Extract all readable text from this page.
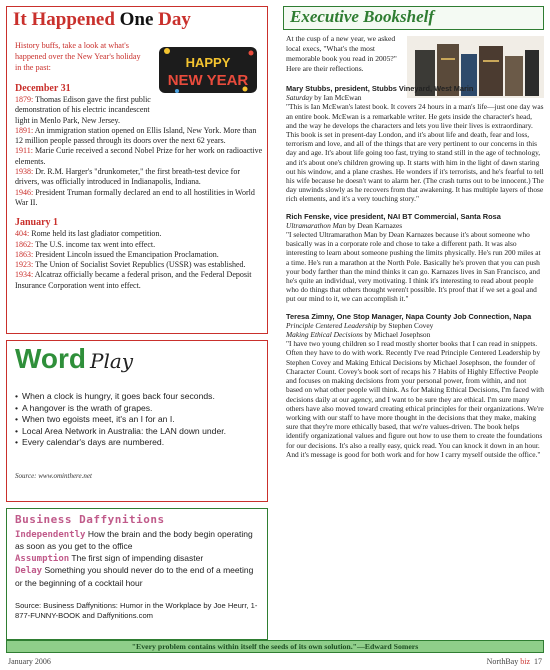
It Happened One Day
History buffs, take a look at what's happened over the New Year's holiday in the past:	HAPPY
NEW YEAR
December 31

1879: Thomas Edison gave the first public demonstration of his electric incandescent light in Menlo Park, New Jersey.

1891: An immigration station opened on Ellis Island, New York. More than 12 million people passed through its doors over the next 62 years.

1911: Marie Curie received a second Nobel Prize for her work on radioactive elements.

1938: Dr. R.M. Harger's "drunkometer," the first breath-test device for drivers, was officially introduced in Indianapolis, Indiana.

1946: President Truman formally declared an end to all hostilities in World War II.

January 1

404: Rome held its last gladiator competition.

1862: The U.S. income tax went into effect.

1863: President Lincoln issued the Emancipation Proclamation.

1923: The Union of Socialist Soviet Republics (USSR) was established.

1934: Alcatraz officially became a federal prison, and the Federal Deposit Insurance Corporation went into effect.

Word Play
• When a clock is hungry, it goes back four seconds.
• A hangover is the wrath of grapes.
• When two egoists meet, it's an I for an I.
• Local Area Network in Australia: the LAN down under.
• Every calendar's days are numbered.
Source: www.ominthere.net
Business Daffynitions

Independently How the brain and the body begin operating as soon as you get to the office

Assumption The first sign of impending disaster

Delay Something you should never do to the end of a meeting or the beginning of a cocktail hour

Source: Business Daffynitions: Humor in the Workplace by Joe Heurr, 1-877-FUNNY-BOOK and Daffynitions.com
Executive Bookshelf
At the cusp of a new year, we asked local execs, "What's the most memorable book you read in 2005?" Here are their reflections.

Mary Stubbs, president, Stubbs Vineyard, West Marin

Saturday by Ian McEwan

"This is Ian McEwan's latest book. It covers 24 hours in a man's life—just one day was an entire book. McEwan is a remarkable writer. He gets inside the character's head, and the way he develops the characters and lets you live their lives is extraordinary. This book is set in present-day London, and it's about life and death, fear and loss, terrorism and love, and all of the things that are very pertinent to our concerns in this day and age. It's about life going too fast, trying to stand still in the age of technology, and it's about one's children growing up. It starts with him in the light of dawn staring out his window, and a plane crashes. He wonders if it's terrorists, and he's fearful to tell his wife because he doesn't want to alarm her. (The crash turns out to be innocent.) The day unwinds slowly as he recovers from that awakening. It has multiple layers of those rich elements, and it's a very touching story."

Rich Fenske, vice president, NAI BT Commercial, Santa Rosa

Ultramarathon Man by Dean Karnazes

"I selected Ultramarathon Man by Dean Karnazes because it's about someone who basically was in a corporate role and chose to take a different path. It was also interesting to learn about someone pushing the limits physically. He's run 200 miles at a time. He's run a marathon at the North Pole. Basically he's proven that you can push your body farther than the mind thinks it can go. Karnazes lives in San Francisco, and he's quite an individual, very motivating. I think it's interesting to read about people who do things that others thought weren't possible. It's proof that if we set a goal and put our mind to it, we can accomplish it."

Teresa Zimny, One Stop Manager, Napa County Job Connection, Napa

Principle Centered Leadership by Stephen Covey

Making Ethical Decisions by Michael Josephson

"I have two young children so I read mostly shorter books that I can read in snippets. Often they have to do with work. Recently I've read Principle Centered Leadership by Stephen Covey and Making Ethical Decisions by Michael Josephson, the founder of Character Count. Covey's book sort of recaps his 7 Habits of Highly Effective People and focuses on making decisions from your personal power, from within, and not based on what other people will think. As for Making Ethical Decisions, I'm faced with decisions daily at our agency, and I want to be sure they are ethical. I'm sure many others have also moved toward creating ethical principles for their organizations. We're working with our staff to have more thought in the decisions that they make, making sure that they're more ethically based, that we're values-driven. The book helps identify organizational values and figure out how to use them to create the foundations for our decisions. It's also a really easy, quick read. You can knock it down in an hour. And it's message is good for both work and for how I carry myself outside the office."

"Every problem contains within itself the seeds of its own solution."—Edward Somers
January 2006	NorthBay biz 17
